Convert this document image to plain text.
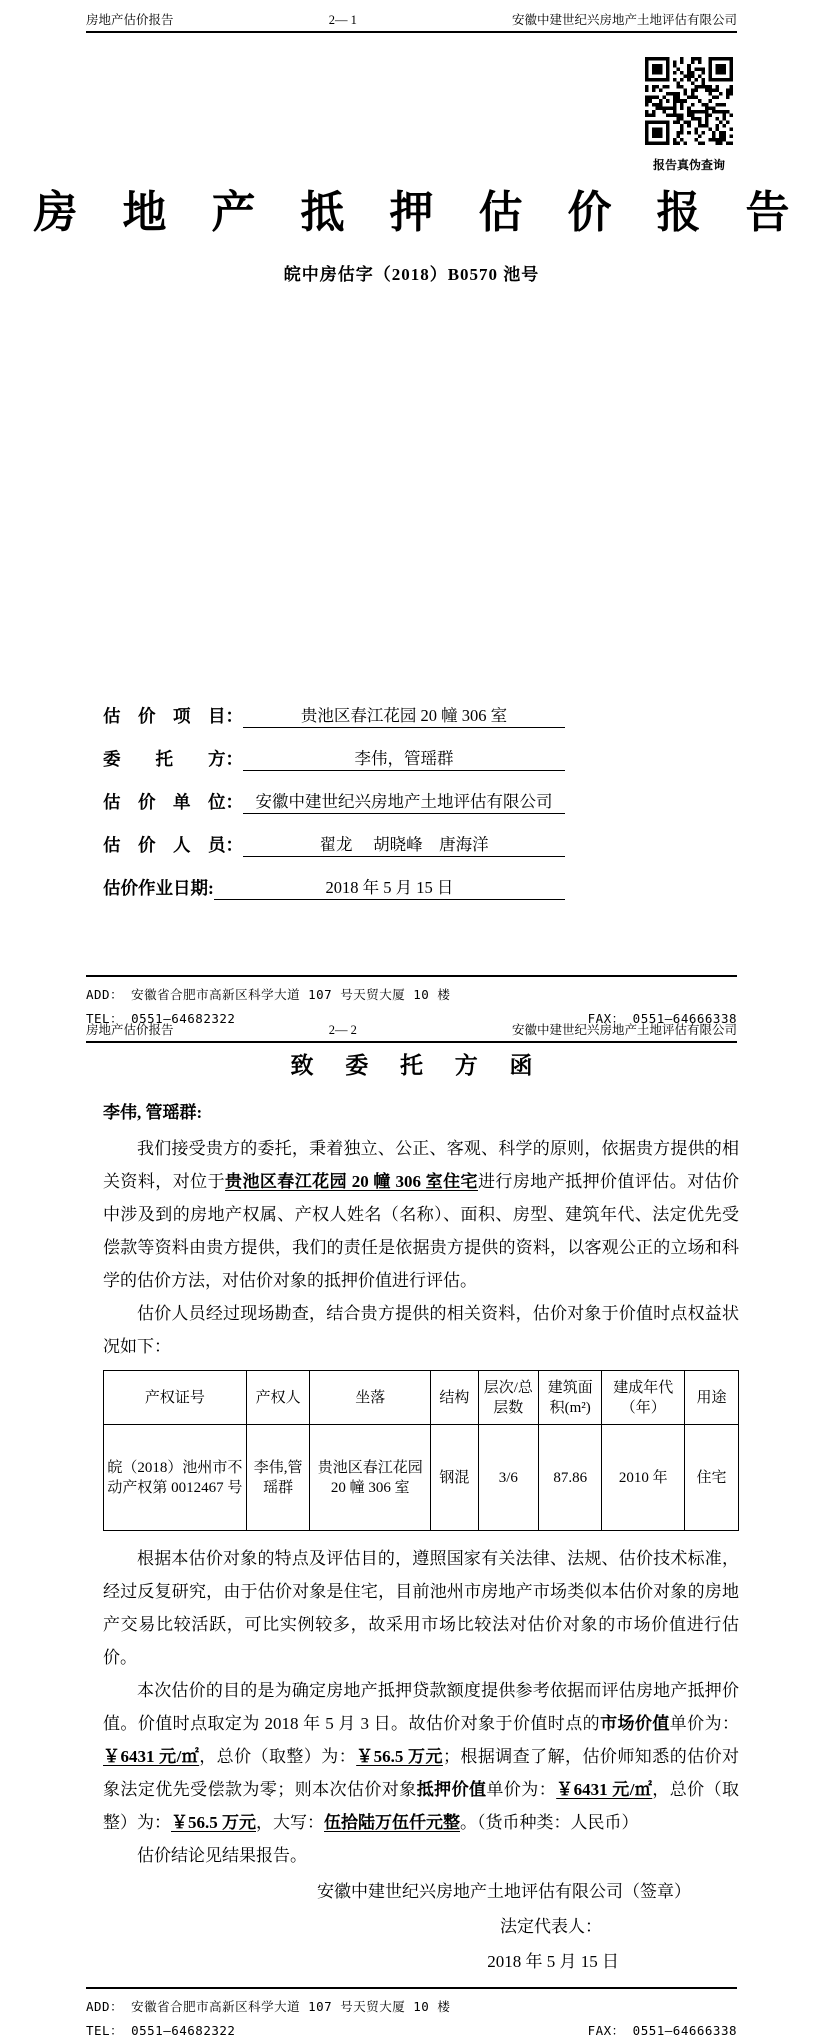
房地产估价报告	2— 1	安徽中建世纪兴房地产土地评估有限公司
报告真伪查询
房 地 产 抵 押 估 价 报 告
皖中房估字（2018）B0570 池号
估　价　项　目：	贵池区春江花园 20 幢 306 室
委　　托　　方：	李伟，管瑶群
估　价　单　位： 安徽中建世纪兴房地产土地评估有限公司
估　价　人　员：	翟龙　 胡晓峰　唐海洋
估价作业日期:	2018 年 5 月 15 日
ADD： 安徽省合肥市高新区科学大道 107 号天贸大厦 10 楼
TEL： 0551—64682322	FAX： 0551—64666338
房地产估价报告	2— 2	安徽中建世纪兴房地产土地评估有限公司
致 委 托 方 函
李伟, 管瑶群:

我们接受贵方的委托，秉着独立、公正、客观、科学的原则，依据贵方提供的相关资料，对位于贵池区春江花园 20 幢 306 室住宅进行房地产抵押价值评估。对估价中涉及到的房地产权属、产权人姓名（名称）、面积、房型、建筑年代、法定优先受偿款等资料由贵方提供，我们的责任是依据贵方提供的资料，以客观公正的立场和科学的估价方法，对估价对象的抵押价值进行评估。

估价人员经过现场勘查，结合贵方提供的相关资料，估价对象于价值时点权益状况如下：

产权证号	产权人	坐落	结构	层次/总层数	建筑面积(m²)	建成年代（年）	用途
皖（2018）池州市不动产权第 0012467 号	李伟,管瑶群	贵池区春江花园 20 幢 306 室	钢混	3/6	87.86	2010 年	住宅

根据本估价对象的特点及评估目的，遵照国家有关法律、法规、估价技术标准，经过反复研究，由于估价对象是住宅，目前池州市房地产市场类似本估价对象的房地产交易比较活跃，可比实例较多，故采用市场比较法对估价对象的市场价值进行估价。

本次估价的目的是为确定房地产抵押贷款额度提供参考依据而评估房地产抵押价值。价值时点取定为 2018 年 5 月 3 日。故估价对象于价值时点的市场价值单价为：￥6431 元/㎡，总价（取整）为：￥56.5 万元；根据调查了解，估价师知悉的估价对象法定优先受偿款为零；则本次估价对象抵押价值单价为：￥6431 元/㎡，总价（取整）为：￥56.5 万元，大写：伍拾陆万伍仟元整。（货币种类：人民币）

估价结论见结果报告。

安徽中建世纪兴房地产土地评估有限公司（签章）
法定代表人：
2018 年 5 月 15 日
ADD： 安徽省合肥市高新区科学大道 107 号天贸大厦 10 楼
TEL： 0551—64682322	FAX： 0551—64666338
